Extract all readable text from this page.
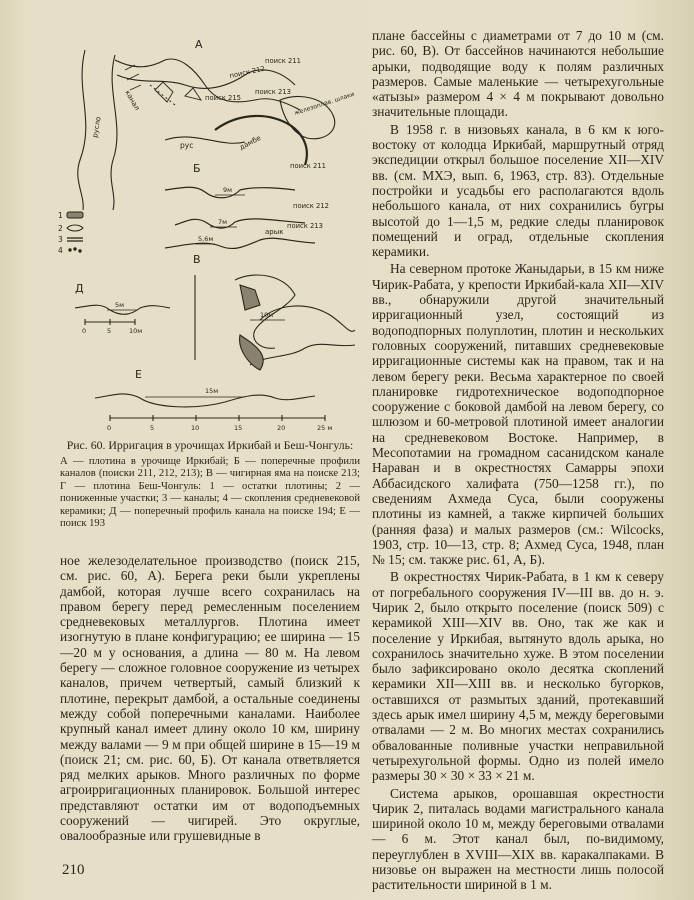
А
русло
канал
поиск 211
поиск 212
поиск 215
поиск 213
рус	дамбе
железоплав. шлаки
Б	поиск 211
9м
поиск 212
7м	поиск 213
5,6м
арык
1
2
3
4
В
10м
Д
5м
0	5	10м
Е
15м
0	5	10	15	20	25 м
Рис. 60. Ирригация в урочищах Иркибай и Беш-Чонгуль:
А — плотина в урочище Иркибай; Б — поперечные профили каналов (поиски 211, 212, 213); В — чигирная яма на поиске 213; Г — плотина Беш-Чонгуль: 1 — остатки плотины; 2 — пониженные участки; 3 — каналы; 4 — скопления средневековой керамики; Д — поперечный профиль канала на поиске 194; Е — поиск 193

ное железоделательное производство (поиск 215, см. рис. 60, А). Берега реки были укреплены дамбой, которая лучше всего сохранилась на правом берегу перед ремесленным поселением средневековых металлургов. Плотина имеет изогнутую в плане конфигурацию; ее ширина — 15—20 м у основания, а длина — 80 м. На левом берегу — сложное головное сооружение из четырех каналов, причем четвертый, самый близкий к плотине, перекрыт дамбой, а остальные соединены между собой поперечными каналами. Наиболее крупный канал имеет длину около 10 км, ширину между валами — 9 м при общей ширине в 15—19 м (поиск 21; см. рис. 60, Б). От канала ответвляется ряд мелких арыков. Много различных по форме агроирригационных планировок. Большой интерес представляют остатки им от водоподъемных сооружений — чигирей. Это округлые, овалообразные или грушевидные в

плане бассейны с диаметрами от 7 до 10 м (см. рис. 60, В). От бассейнов начинаются небольшие арыки, подводящие воду к полям различных размеров. Самые маленькие — четырехугольные «атызы» размером 4 × 4 м покрывают довольно значительные площади.

В 1958 г. в низовьях канала, в 6 км к юго-востоку от колодца Иркибай, маршрутный отряд экспедиции открыл большое поселение XII—XIV вв. (см. МХЭ, вып. 6, 1963, стр. 83). Отдельные постройки и усадьбы его располагаются вдоль небольшого канала, от них сохранились бугры высотой до 1—1,5 м, редкие следы планировок помещений и оград, отдельные скопления керамики.

На северном протоке Жаныдарьи, в 15 км ниже Чирик-Рабата, у крепости Иркибай-кала XII—XIV вв., обнаружили другой значительный ирригационный узел, состоящий из водоподпорных полуплотин, плотин и нескольких головных сооружений, питавших средневековые ирригационные системы как на правом, так и на левом берегу реки. Весьма характерное по своей планировке гидротехническое водоподпорное сооружение с боковой дамбой на левом берегу, со шлюзом и 60-метровой плотиной имеет аналогии на средневековом Востоке. Например, в Месопотамии на громадном сасанидском канале Нараван и в окрестностях Самарры эпохи Аббасидского халифата (750—1258 гг.), по сведениям Ахмеда Суса, были сооружены плотины из камней, а также кирпичей больших (ранняя фаза) и малых размеров (см.: Wilcocks, 1903, стр. 10—13, стр. 8; Ахмед Суса, 1948, план № 15; см. также рис. 61, А, Б).

В окрестностях Чирик-Рабата, в 1 км к северу от погребального сооружения IV—III вв. до н. э. Чирик 2, было открыто поселение (поиск 509) с керамикой XIII—XIV вв. Оно, так же как и поселение у Иркибая, вытянуто вдоль арыка, но сохранилось значительно хуже. В этом поселении было зафиксировано около десятка скоплений керамики XII—XIII вв. и несколько бугорков, оставшихся от размытых зданий, протекавший здесь арык имел ширину 4,5 м, между береговыми отвалами — 2 м. Во многих местах сохранились обвалованные поливные участки неправильной четырехугольной формы. Одно из полей имело размеры 30 × 30 × 33 × 21 м.

Система арыков, орошавшая окрестности Чирик 2, питалась водами магистрального канала шириной около 10 м, между береговыми отвалами — 6 м. Этот канал был, по-видимому, переуглублен в XVIII—XIX вв. каракалпаками. В низовье он выражен на местности лишь полосой растительности шириной в 1 м.

210
